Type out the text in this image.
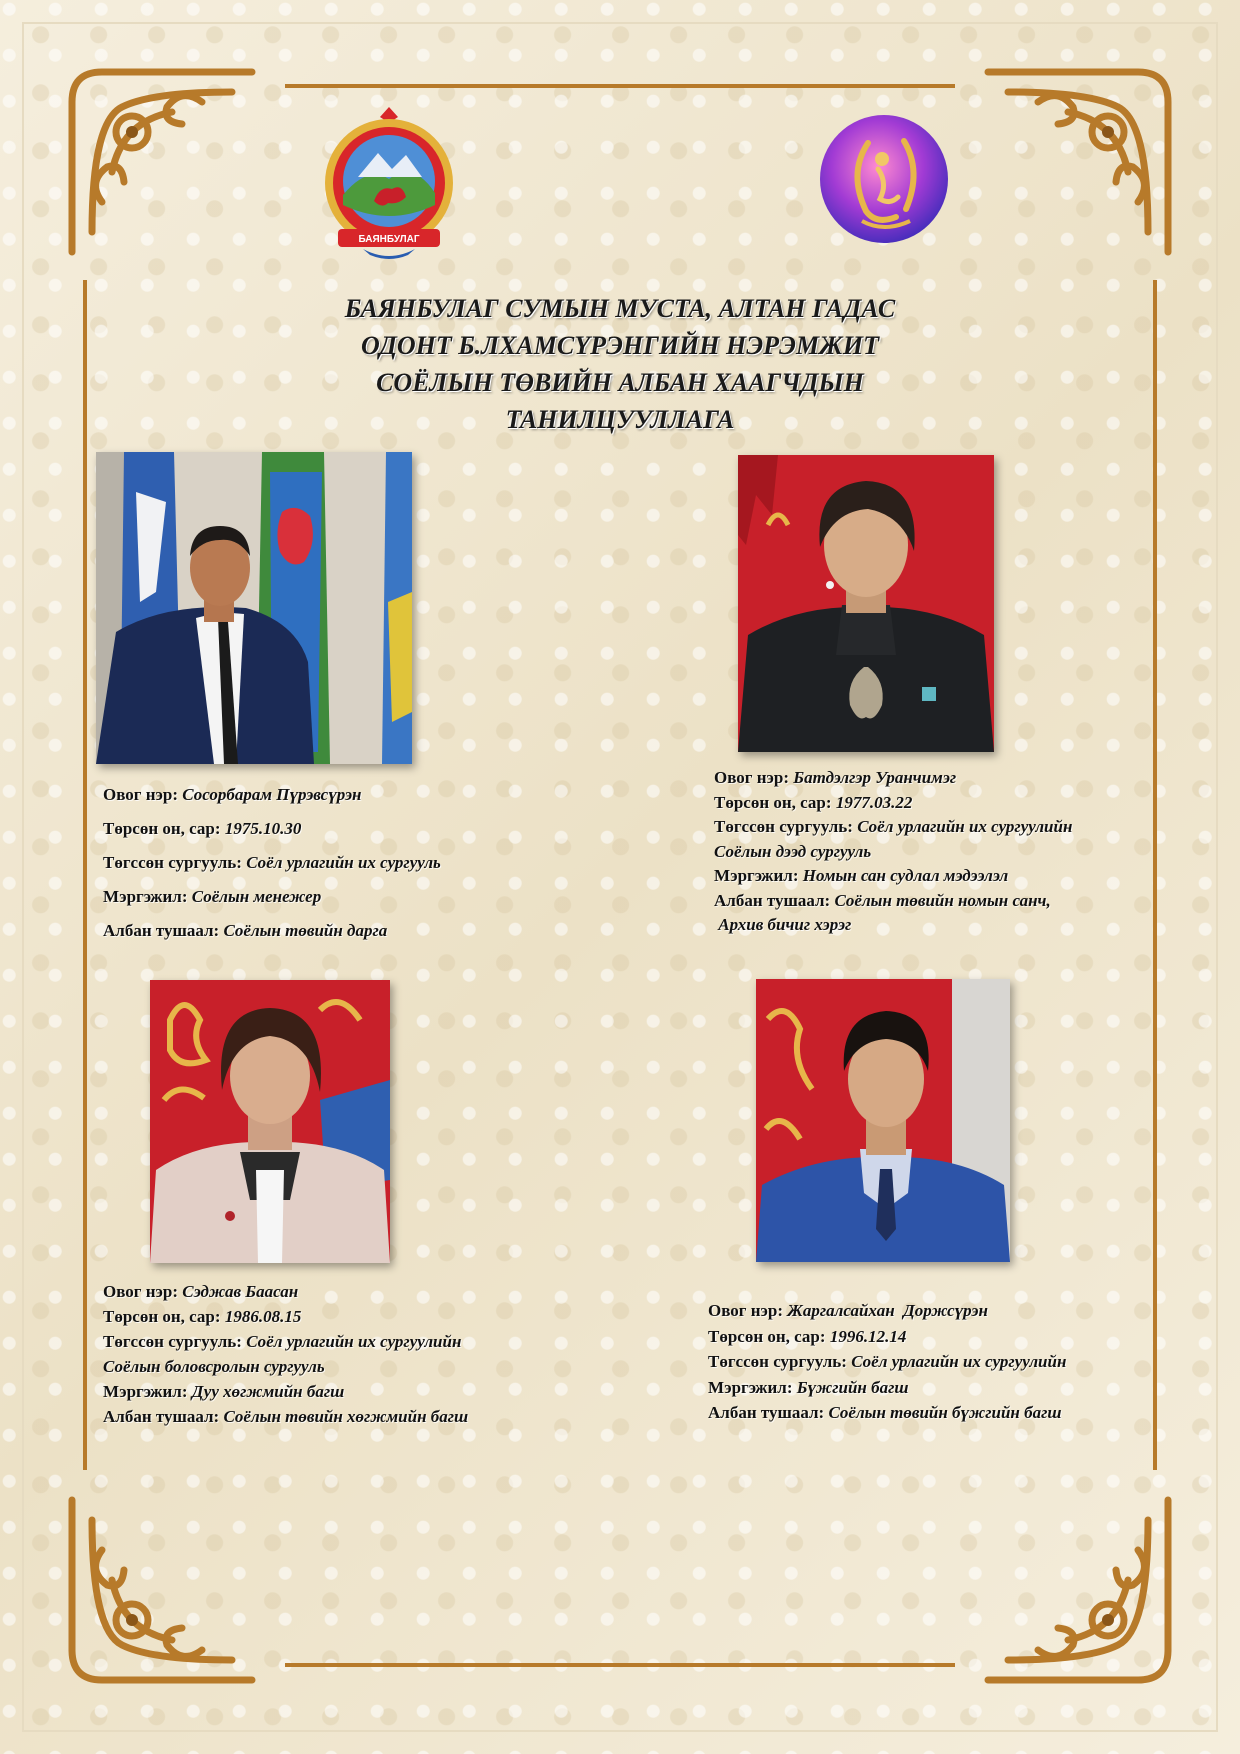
БАЯНБУЛАГ
БАЯНБУЛАГ СУМЫН МУСТА, АЛТАН ГАДАС
ОДОНТ Б.ЛХАМСҮРЭНГИЙН НЭРЭМЖИТ
СОЁЛЫН ТӨВИЙН АЛБАН ХААГЧДЫН
ТАНИЛЦУУЛЛАГА
Овог нэр: Сосорбарам Пүрэвсүрэн
Төрсөн он, сар: 1975.10.30
Төгссөн сургууль: Соёл урлагийн их сургууль
Мэргэжил: Соёлын менежер
Албан тушаал: Соёлын төвийн дарга
Овог нэр: Батдэлгэр Уранчимэг
Төрсөн он, сар: 1977.03.22
Төгссөн сургууль: Соёл урлагийн их сургуулийн
Соёлын дээд сургууль
Мэргэжил: Номын сан судлал мэдээлэл
Албан тушаал: Соёлын төвийн номын санч,
Архив бичиг хэрэг
Овог нэр: Сэджав Баасан
Төрсөн он, сар: 1986.08.15
Төгссөн сургууль: Соёл урлагийн их сургуулийн
Соёлын боловсролын сургууль
Мэргэжил: Дуу хөгжмийн багш
Албан тушаал: Соёлын төвийн хөгжмийн багш
Овог нэр: Жаргалсайхан  Доржсүрэн
Төрсөн он, сар: 1996.12.14
Төгссөн сургууль: Соёл урлагийн их сургуулийн
Мэргэжил: Бүжгийн багш
Албан тушаал: Соёлын төвийн бүжгийн багш
